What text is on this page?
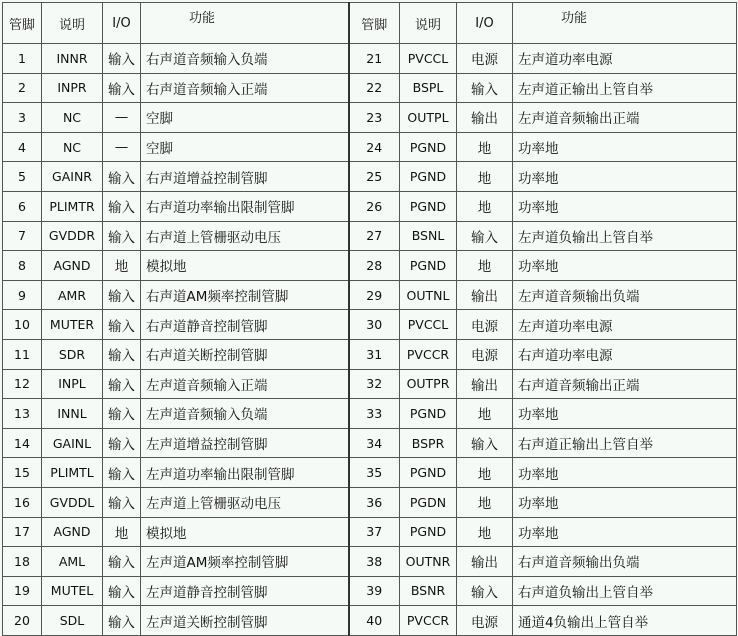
管脚	说明	I/O	功能	管脚	说明	I/O	功能
1	INNR	输入	右声道音频输入负端	21	PVCCL	电源	左声道功率电源
2	INPR	输入	右声道音频输入正端	22	BSPL	输入	左声道正输出上管自举
3	NC	—	空脚	23	OUTPL	输出	左声道音频输出正端
4	NC	—	空脚	24	PGND	地	功率地
5	GAINR	输入	右声道增益控制管脚	25	PGND	地	功率地
6	PLIMTR	输入	右声道功率输出限制管脚	26	PGND	地	功率地
7	GVDDR	输入	右声道上管栅驱动电压	27	BSNL	输入	左声道负输出上管自举
8	AGND	地	模拟地	28	PGND	地	功率地
9	AMR	输入	右声道AM频率控制管脚	29	OUTNL	输出	左声道音频输出负端
10	MUTER	输入	右声道静音控制管脚	30	PVCCL	电源	左声道功率电源
11	SDR	输入	右声道关断控制管脚	31	PVCCR	电源	右声道功率电源
12	INPL	输入	左声道音频输入正端	32	OUTPR	输出	右声道音频输出正端
13	INNL	输入	左声道音频输入负端	33	PGND	地	功率地
14	GAINL	输入	左声道增益控制管脚	34	BSPR	输入	右声道正输出上管自举
15	PLIMTL	输入	左声道功率输出限制管脚	35	PGND	地	功率地
16	GVDDL	输入	左声道上管栅驱动电压	36	PGDN	地	功率地
17	AGND	地	模拟地	37	PGND	地	功率地
18	AML	输入	左声道AM频率控制管脚	38	OUTNR	输出	右声道音频输出负端
19	MUTEL	输入	左声道静音控制管脚	39	BSNR	输入	右声道负输出上管自举
20	SDL	输入	左声道关断控制管脚	40	PVCCR	电源	通道4负输出上管自举
